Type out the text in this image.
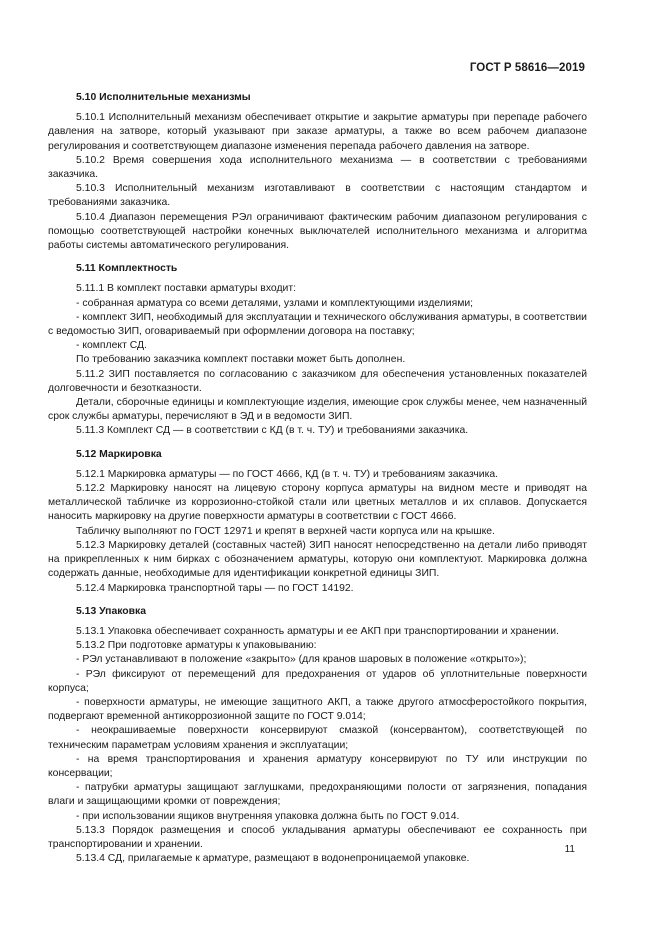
ГОСТ Р 58616—2019
5.10 Исполнительные механизмы

5.10.1 Исполнительный механизм обеспечивает открытие и закрытие арматуры при перепаде рабочего давления на затворе, который указывают при заказе арматуры, а также во всем рабочем диапазоне регулирования и соответствующем диапазоне изменения перепада рабочего давления на затворе.

5.10.2 Время совершения хода исполнительного механизма — в соответствии с требованиями заказчика.

5.10.3 Исполнительный механизм изготавливают в соответствии с настоящим стандартом и требованиями заказчика.

5.10.4 Диапазон перемещения РЭл ограничивают фактическим рабочим диапазоном регулирования с помощью соответствующей настройки конечных выключателей исполнительного механизма и алгоритма работы системы автоматического регулирования.

5.11 Комплектность

5.11.1 В комплект поставки арматуры входит:

- собранная арматура со всеми деталями, узлами и комплектующими изделиями;

- комплект ЗИП, необходимый для эксплуатации и технического обслуживания арматуры, в соответствии с ведомостью ЗИП, оговариваемый при оформлении договора на поставку;

- комплект СД.

По требованию заказчика комплект поставки может быть дополнен.

5.11.2 ЗИП поставляется по согласованию с заказчиком для обеспечения установленных показателей долговечности и безотказности.

Детали, сборочные единицы и комплектующие изделия, имеющие срок службы менее, чем назначенный срок службы арматуры, перечисляют в ЭД и в ведомости ЗИП.

5.11.3 Комплект СД — в соответствии с КД (в т. ч. ТУ) и требованиями заказчика.

5.12 Маркировка

5.12.1 Маркировка арматуры — по ГОСТ 4666, КД (в т. ч. ТУ) и требованиям заказчика.

5.12.2 Маркировку наносят на лицевую сторону корпуса арматуры на видном месте и приводят на металлической табличке из коррозионно-стойкой стали или цветных металлов и их сплавов. Допускается наносить маркировку на другие поверхности арматуры в соответствии с ГОСТ 4666.

Табличку выполняют по ГОСТ 12971 и крепят в верхней части корпуса или на крышке.

5.12.3 Маркировку деталей (составных частей) ЗИП наносят непосредственно на детали либо приводят на прикрепленных к ним бирках с обозначением арматуры, которую они комплектуют. Маркировка должна содержать данные, необходимые для идентификации конкретной единицы ЗИП.

5.12.4 Маркировка транспортной тары — по ГОСТ 14192.

5.13 Упаковка

5.13.1 Упаковка обеспечивает сохранность арматуры и ее АКП при транспортировании и хранении.

5.13.2 При подготовке арматуры к упаковыванию:

- РЭл устанавливают в положение «закрыто» (для кранов шаровых в положение «открыто»);

- РЭл фиксируют от перемещений для предохранения от ударов об уплотнительные поверхности корпуса;

- поверхности арматуры, не имеющие защитного АКП, а также другого атмосферостойкого покрытия, подвергают временной антикоррозионной защите по ГОСТ 9.014;

- неокрашиваемые поверхности консервируют смазкой (консервантом), соответствующей по техническим параметрам условиям хранения и эксплуатации;

- на время транспортирования и хранения арматуру консервируют по ТУ или инструкции по консервации;

- патрубки арматуры защищают заглушками, предохраняющими полости от загрязнения, попадания влаги и защищающими кромки от повреждения;

- при использовании ящиков внутренняя упаковка должна быть по ГОСТ 9.014.

5.13.3 Порядок размещения и способ укладывания арматуры обеспечивают ее сохранность при транспортировании и хранении.

5.13.4 СД, прилагаемые к арматуре, размещают в водонепроницаемой упаковке.

11
